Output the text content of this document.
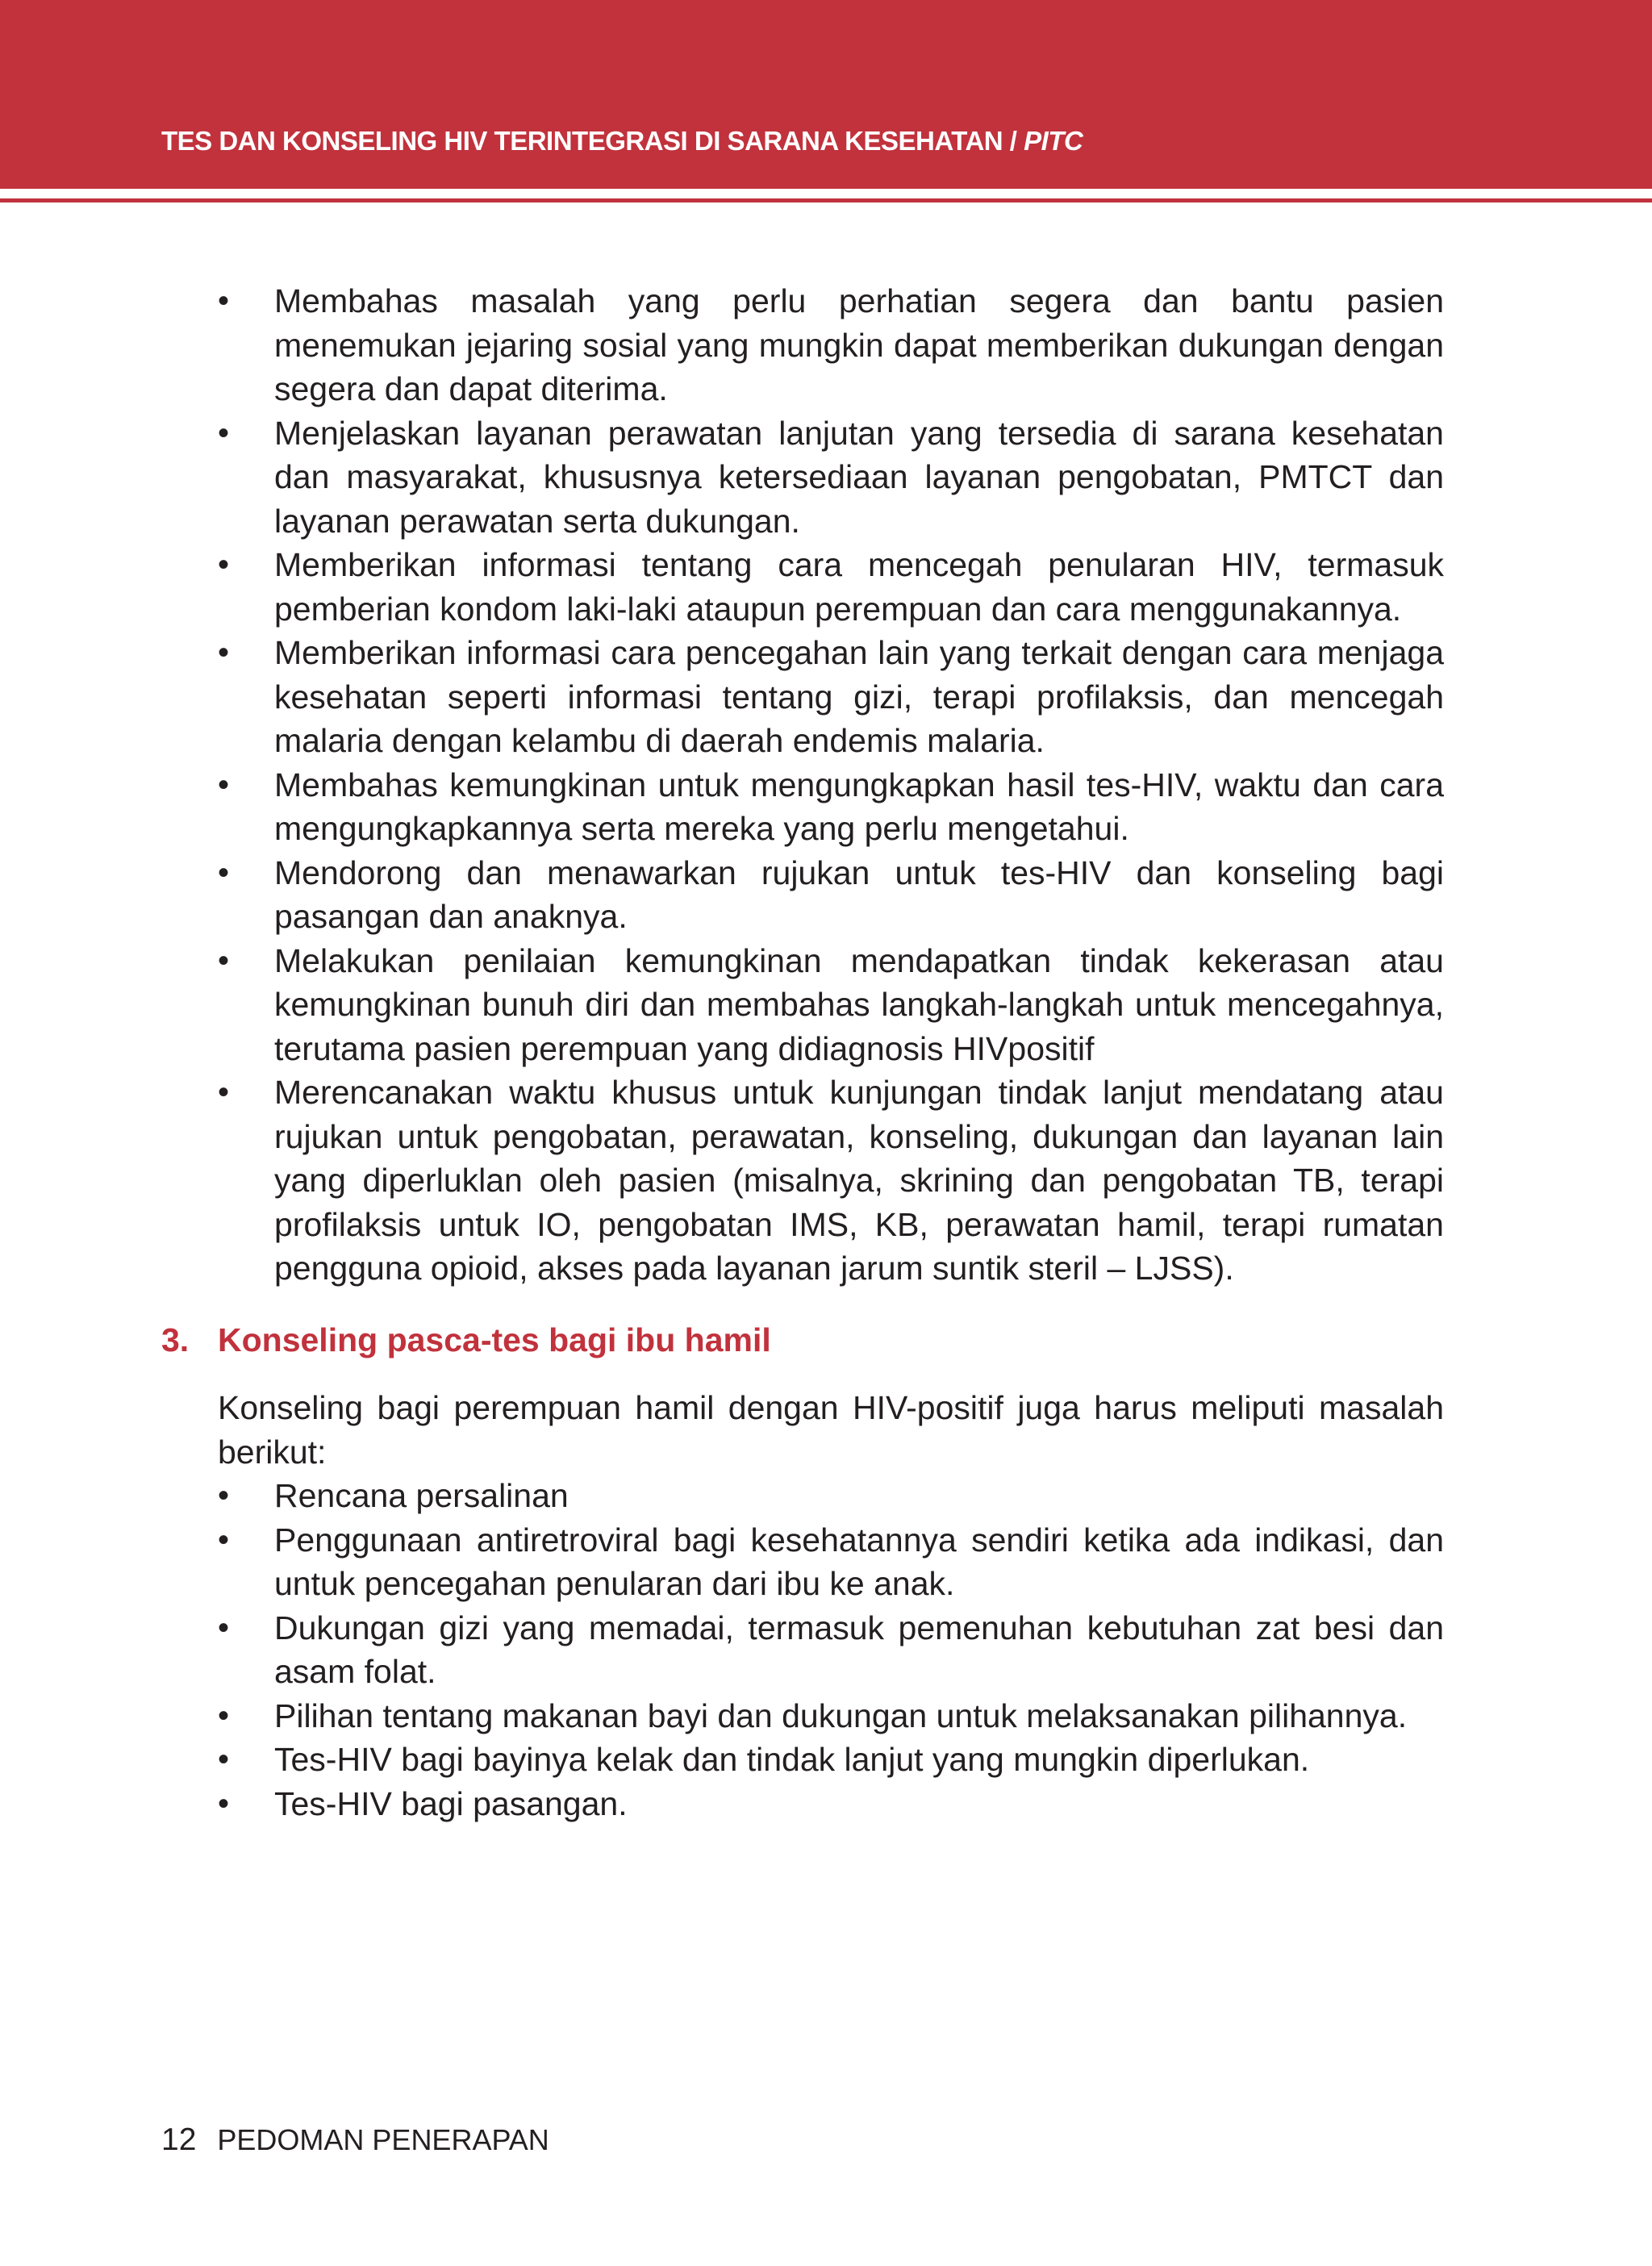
TES DAN KONSELING HIV TERINTEGRASI DI SARANA KESEHATAN / PITC
• Membahas masalah yang perlu perhatian segera dan bantu pasien menemukan jejaring sosial yang mungkin dapat memberikan dukungan dengan segera dan dapat diterima.
• Menjelaskan layanan perawatan lanjutan yang tersedia di sarana kesehatan dan masyarakat, khususnya ketersediaan layanan pengobatan, PMTCT dan layanan perawatan serta dukungan.
• Memberikan informasi tentang cara mencegah penularan HIV, termasuk pemberian kondom laki-laki ataupun perempuan dan cara menggunakannya.
• Memberikan informasi cara pencegahan lain yang terkait dengan cara menjaga kesehatan seperti informasi tentang gizi, terapi profilaksis, dan mencegah malaria dengan kelambu di daerah endemis malaria.
• Membahas kemungkinan untuk mengungkapkan hasil tes-HIV, waktu dan cara mengungkapkannya serta mereka yang perlu mengetahui.
• Mendorong dan menawarkan rujukan untuk tes-HIV dan konseling bagi pasangan dan anaknya.
• Melakukan penilaian kemungkinan mendapatkan tindak kekerasan atau kemungkinan bunuh diri dan membahas langkah-langkah untuk mencegahnya, terutama pasien perempuan yang didiagnosis HIVpositif
• Merencanakan waktu khusus untuk kunjungan tindak lanjut mendatang atau rujukan untuk pengobatan, perawatan, konseling, dukungan dan layanan lain yang diperluklan oleh pasien (misalnya, skrining dan pengobatan TB, terapi profilaksis untuk IO, pengobatan IMS, KB, perawatan hamil, terapi rumatan pengguna opioid, akses pada layanan jarum suntik steril – LJSS).
3. Konseling pasca-tes bagi ibu hamil
Konseling bagi perempuan hamil dengan HIV-positif juga harus meliputi masalah berikut:
• Rencana persalinan
• Penggunaan antiretroviral bagi kesehatannya sendiri ketika ada indikasi, dan untuk pencegahan penularan dari ibu ke anak.
• Dukungan gizi yang memadai, termasuk pemenuhan kebutuhan zat besi dan asam folat.
• Pilihan tentang makanan bayi dan dukungan untuk melaksanakan pilihannya.
• Tes-HIV bagi bayinya kelak dan tindak lanjut yang mungkin diperlukan.
• Tes-HIV bagi pasangan.
12 PEDOMAN PENERAPAN
